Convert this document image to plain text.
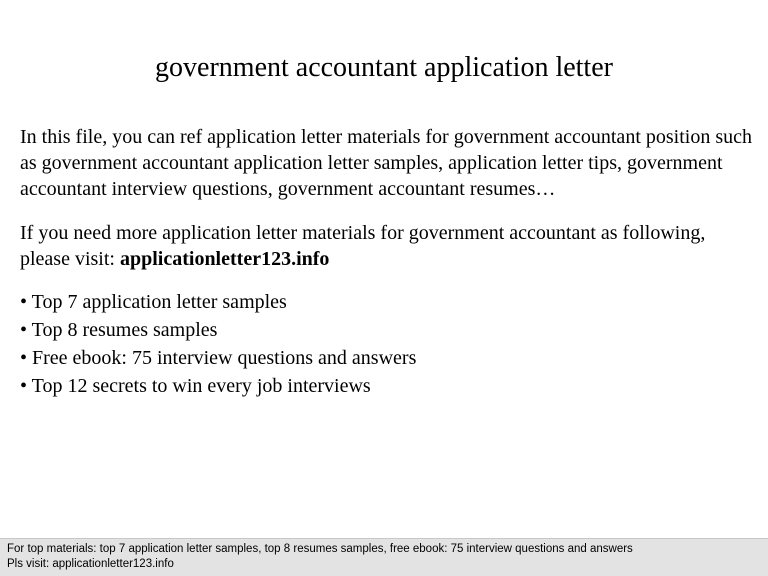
government accountant application letter

In this file, you can ref application letter materials for government accountant position such as government accountant application letter samples, application letter tips, government accountant interview questions, government accountant resumes…

If you need more application letter materials for government accountant as following, please visit: applicationletter123.info

• Top 7 application letter samples
• Top 8 resumes samples
• Free ebook: 75 interview questions and answers
• Top 12 secrets to win every job interviews
For top materials: top 7 application letter samples, top 8 resumes samples, free ebook: 75 interview questions and answers
Pls visit: applicationletter123.info
